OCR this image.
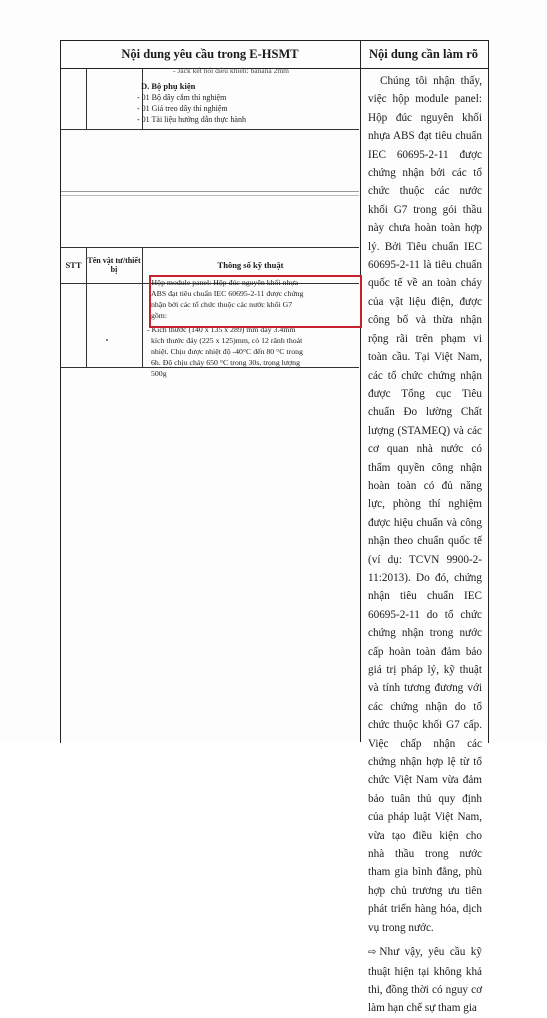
Nội dung yêu cầu trong E-HSMT	Nội dung cần làm rõ
- Jack kết nối điều khiển: banana 2mm
D. Bộ phụ kiện
- 01 Bộ dây cắm thí nghiệm
- 01 Giá treo dây thí nghiệm
- 01 Tài liệu hướng dẫn thực hành
STT Tên vật tư/thiết bị	Thông số kỹ thuật
- Hộp module panel: Hộp đúc nguyên khối nhựa
ABS đạt tiêu chuẩn IEC 60695-2-11 được chứng
nhận bởi các tổ chức thuộc các nước khối G7
gồm:
- Kích thước (140 x 135 x 289) mm dày 3.4mm
kích thước đáy (225 x 125)mm, có 12 rãnh thoát
nhiệt. Chịu được nhiệt độ -40°C đến 80 °C trong
6h. Độ chịu cháy 650 °C trong 30s, trọng lượng
500g

Chúng tôi nhận thấy, việc hộp module panel: Hộp đúc nguyên khối nhựa ABS đạt tiêu chuẩn IEC 60695-2-11 được chứng nhận bởi các tổ chức thuộc các nước khối G7 trong gói thầu này chưa hoàn toàn hợp lý. Bởi Tiêu chuẩn IEC 60695-2-11 là tiêu chuẩn quốc tế về an toàn cháy của vật liệu điện, được công bố và thừa nhận rộng rãi trên phạm vi toàn cầu. Tại Việt Nam, các tổ chức chứng nhận được Tổng cục Tiêu chuẩn Đo lường Chất lượng (STAMEQ) và các cơ quan nhà nước có thẩm quyền công nhận hoàn toàn có đủ năng lực, phòng thí nghiệm được hiệu chuẩn và công nhận theo chuẩn quốc tế (ví dụ: TCVN 9900-2-11:2013). Do đó, chứng nhận tiêu chuẩn IEC 60695-2-11 do tổ chức chứng nhận trong nước cấp hoàn toàn đảm bảo giá trị pháp lý, kỹ thuật và tính tương đương với các chứng nhận do tổ chức thuộc khối G7 cấp. Việc chấp nhận các chứng nhận hợp lệ từ tổ chức Việt Nam vừa đảm bảo tuân thủ quy định của pháp luật Việt Nam, vừa tạo điều kiện cho nhà thầu trong nước tham gia bình đẳng, phù hợp chủ trương ưu tiên phát triển hàng hóa, dịch vụ trong nước.

⇨ Như vậy, yêu cầu kỹ thuật hiện tại không khả thi, đồng thời có nguy cơ làm hạn chế sự tham gia
